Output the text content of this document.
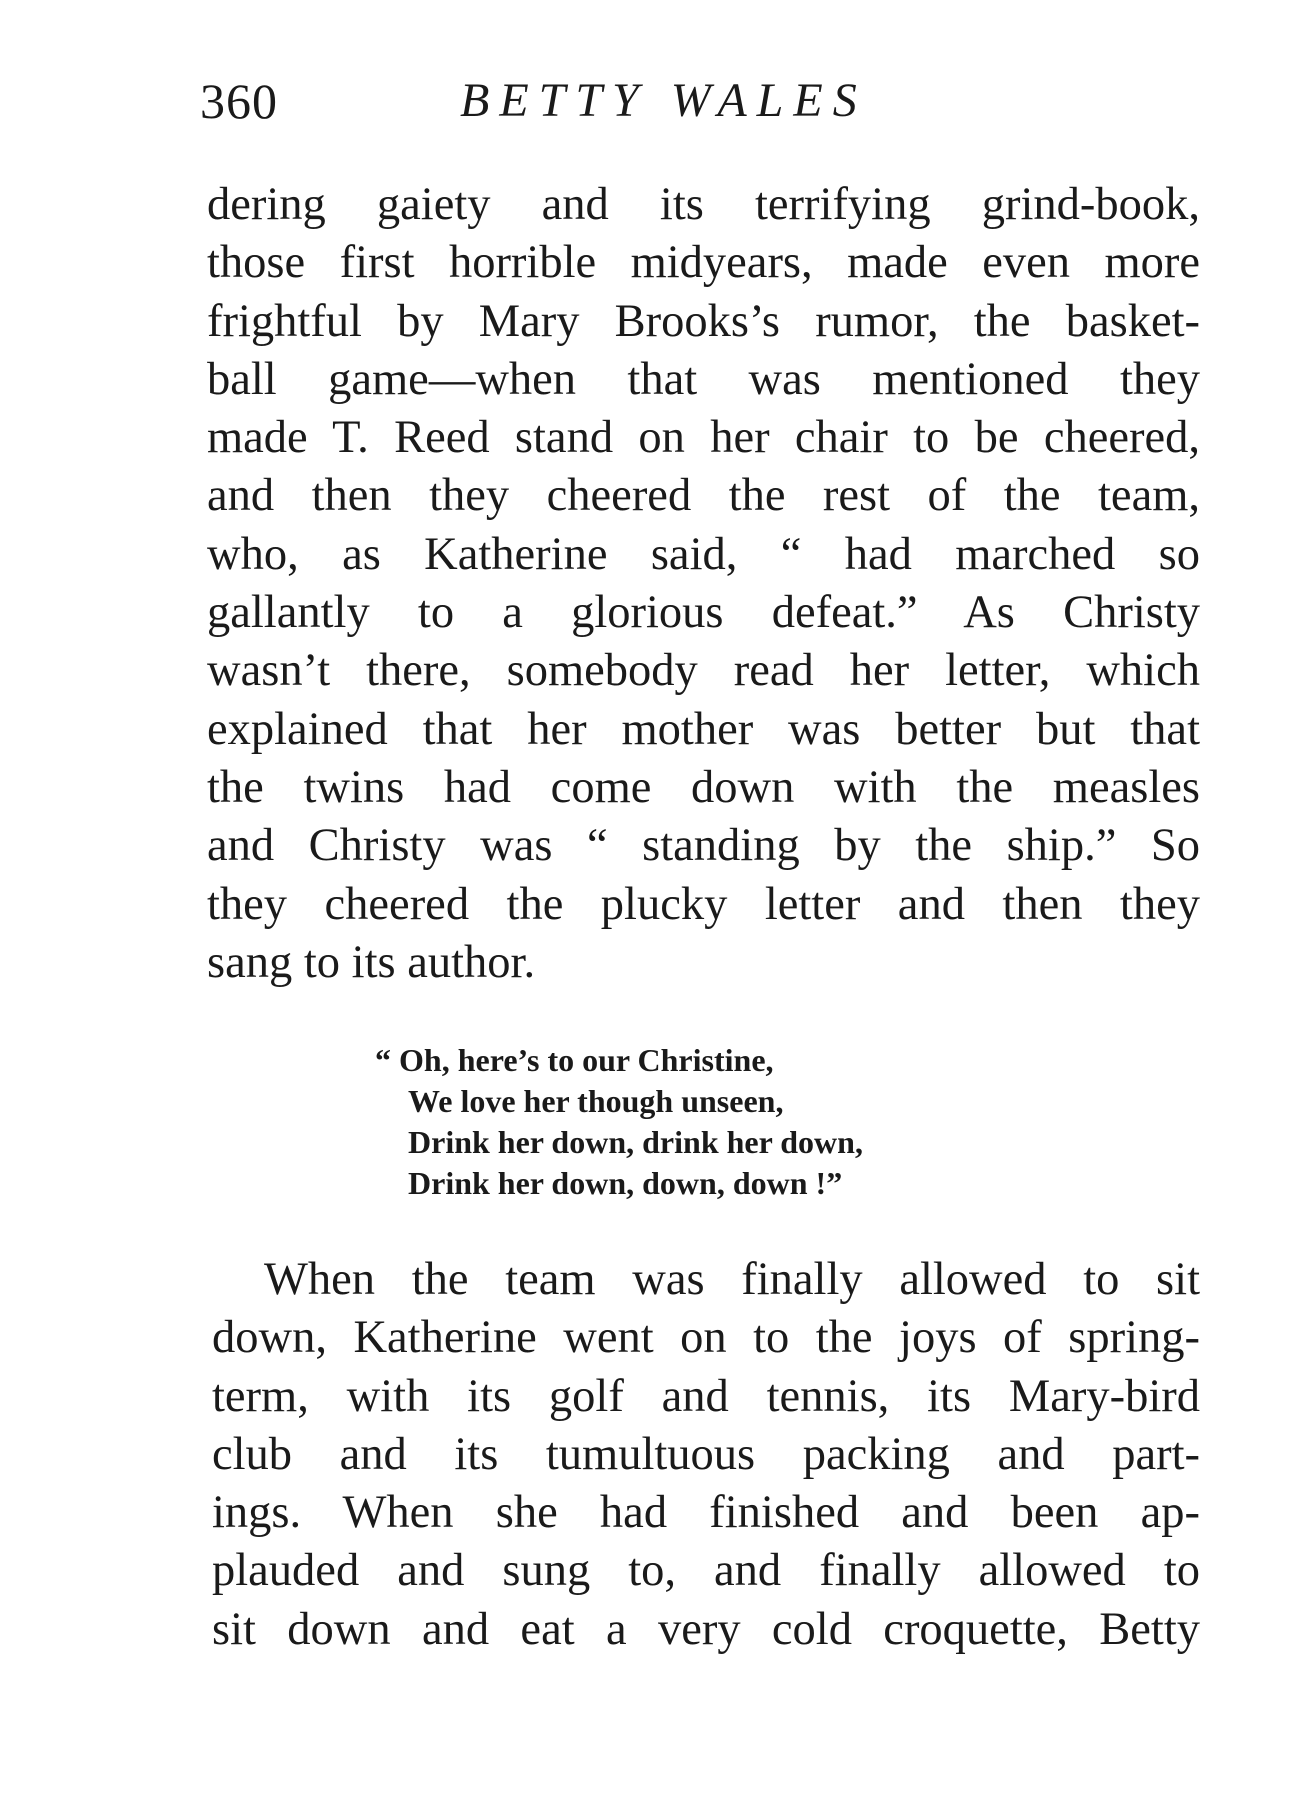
360	BETTY WALES

dering gaiety and its terrifying grind-book,
those first horrible midyears, made even more
frightful by Mary Brooks’s rumor, the basket-
ball game—when that was mentioned they
made T. Reed stand on her chair to be cheered,
and then they cheered the rest of the team,
who, as Katherine said, “ had marched so
gallantly to a glorious defeat.” As Christy
wasn’t there, somebody read her letter, which
explained that her mother was better but that
the twins had come down with the measles
and Christy was “ standing by the ship.” So
they cheered the plucky letter and then they
sang to its author.

“ Oh, here’s to our Christine,
We love her though unseen,
Drink her down, drink her down,
Drink her down, down, down !”

When the team was finally allowed to sit
down, Katherine went on to the joys of spring-
term, with its golf and tennis, its Mary-bird
club and its tumultuous packing and part-
ings. When she had finished and been ap-
plauded and sung to, and finally allowed to
sit down and eat a very cold croquette, Betty
